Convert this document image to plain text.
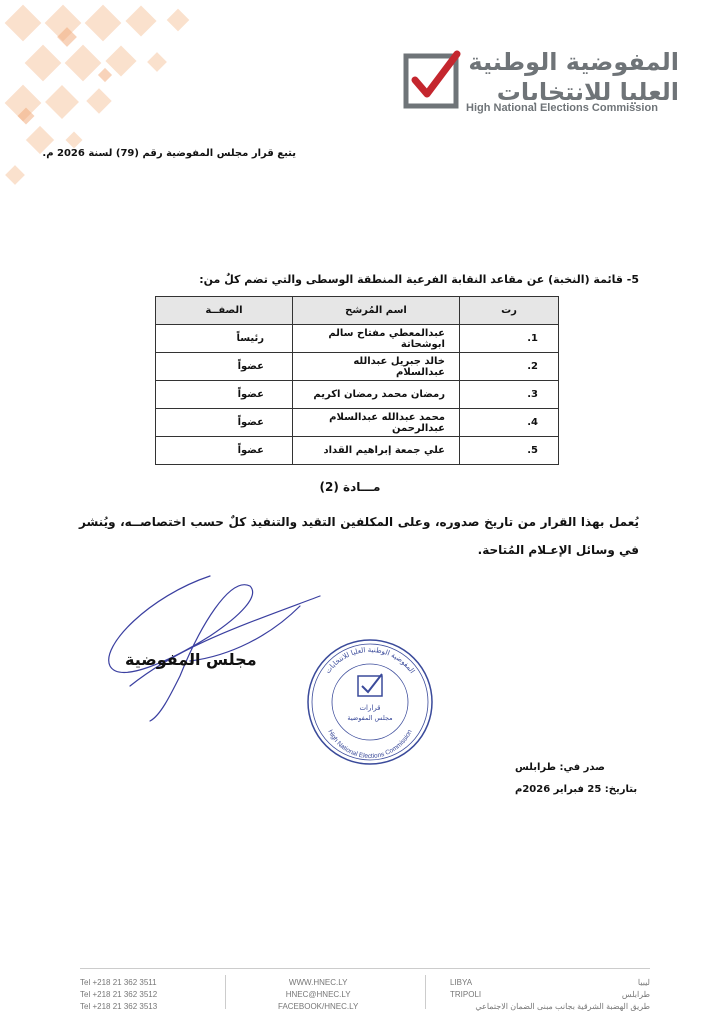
المفوضية الوطنية
العليا للانتخابات
High National Elections Commission
يتبع قرار مجلس المفوضية رقم (79) لسنة 2026 م.
5- قائمة (النخبة) عن مقاعد النقابة الفرعية المنطقة الوسطى والتي تضم كلٌ من:
رت	اسم المُرشح	الصفــة
1.	عبدالمعطي مفتاح سالم ابوشحاتة	رئيساً
2.	خالد جبريل عبدالله عبدالسلام	عضواً
3.	رمضان محمد رمضان اكريم	عضواً
4.	محمد عبدالله عبدالسلام عبدالرحمن	عضواً
5.	علي جمعة إبراهيم القداد	عضواً
مـــادة (2)
يُعمل بهذا القرار من تاريخ صدوره، وعلى المكلفين التقيد والتنفيذ كلٌ حسب اختصاصــه، ويُنشر في وسائل الإعـلام المُتاحة.
مجلس المفوضية
المفوضية الوطنية العليا للانتخابات
High National Elections Commission
قرارات
مجلس المفوضية
صدر في: طرابلس
بتاريخ: 25 فبراير 2026م
Tel +218 21 362 3511
Tel +218 21 362 3512
Tel +218 21 362 3513
WWW.HNEC.LY
HNEC@HNEC.LY
FACEBOOK/HNEC.LY
LIBYA
TRIPOLI
ليبيا
طرابلس
طريق الهضبة الشرقية بجانب مبنى الضمان الاجتماعي
